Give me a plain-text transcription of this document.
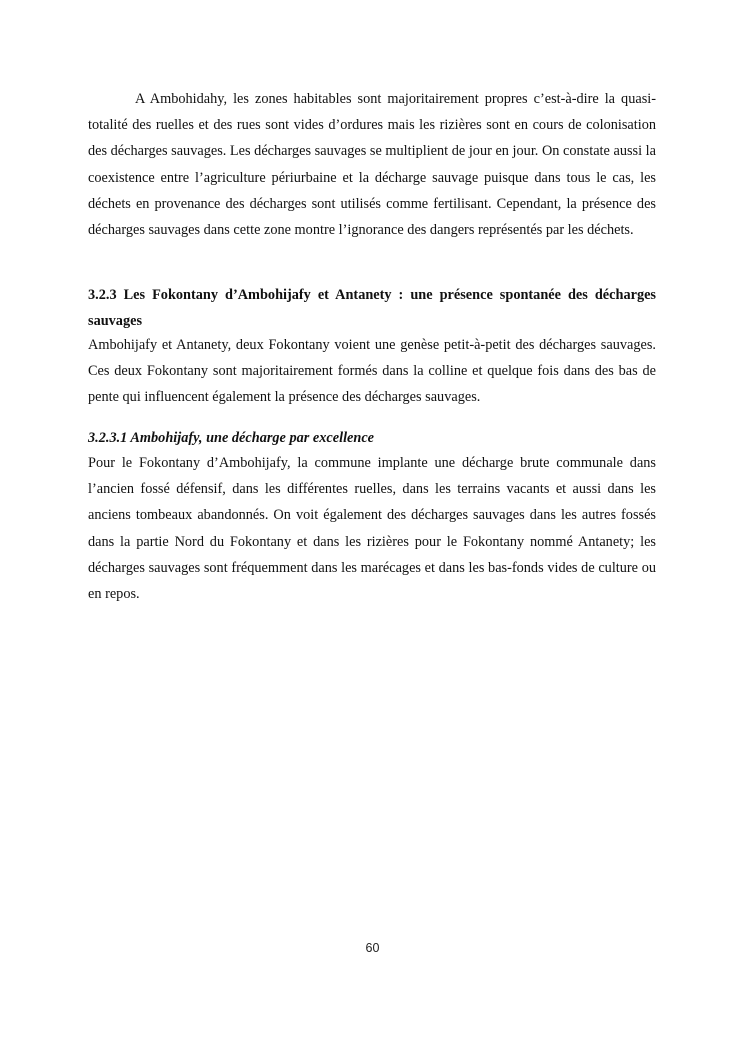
A Ambohidahy, les zones habitables sont majoritairement propres c’est-à-dire la quasi-totalité des ruelles et des rues sont vides d’ordures mais les rizières sont en cours de colonisation des décharges sauvages. Les décharges sauvages se multiplient de jour en jour. On constate aussi la coexistence entre l’agriculture périurbaine et la décharge sauvage puisque dans tous le cas, les déchets en provenance des décharges sont utilisés comme fertilisant. Cependant, la présence des décharges sauvages dans cette zone montre l’ignorance des dangers représentés par les déchets.

3.2.3 Les Fokontany d’Ambohijafy et Antanety : une présence spontanée des décharges sauvages

Ambohijafy et Antanety, deux Fokontany voient une genèse petit-à-petit des décharges sauvages. Ces deux Fokontany sont majoritairement formés dans la colline et quelque fois dans des bas de pente qui influencent également la présence des décharges sauvages.

3.2.3.1 Ambohijafy, une décharge par excellence

Pour le Fokontany d’Ambohijafy, la commune implante une décharge brute communale dans l’ancien fossé défensif, dans les différentes ruelles, dans les terrains vacants et aussi dans les anciens tombeaux abandonnés. On voit également des décharges sauvages dans les autres fossés dans la partie Nord du Fokontany et dans les rizières pour le Fokontany nommé Antanety; les décharges sauvages sont fréquemment dans les marécages et dans les bas-fonds vides de culture ou en repos.

60
